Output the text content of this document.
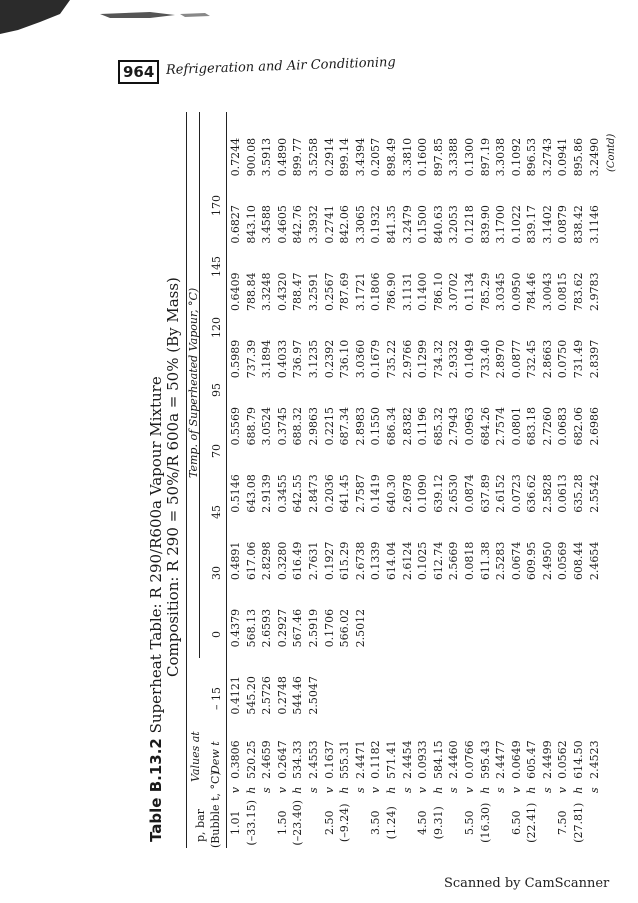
964 Refrigeration and Air Conditioning
Table B.13.2 Superheat Table: R 290/R600a Vapour Mixture Composition: R 290 = 50%/R 600a = 50% (By Mass)
p, bar (Bubble t, °C)
Values at Dew t
Temp. of Superheated Vapour, °C)
– 15
0
30
45
70
95
120
145
170
1.01	v	0.3806	0.4121	0.4379	0.4891	0.5146	0.5569	0.5989	0.6409	0.6827	0.7244
(–33.15)	h	520.25	545.20	568.13	617.06	643.08	688.79	737.39	788.84	843.10	900.08
	s	2.4659	2.5726	2.6593	2.8298	2.9139	3.0524	3.1894	3.3248	3.4588	3.5913
1.50	v	0.2647	0.2748	0.2927	0.3280	0.3455	0.3745	0.4033	0.4320	0.4605	0.4890
(–23.40)	h	534.33	544.46	567.46	616.49	642.55	688.32	736.97	788.47	842.76	899.77
	s	2.4553	2.5047	2.5919	2.7631	2.8473	2.9863	3.1235	3.2591	3.3932	3.5258
2.50	v	0.1637		0.1706	0.1927	0.2036	0.2215	0.2392	0.2567	0.2741	0.2914
(–9.24)	h	555.31		566.02	615.29	641.45	687.34	736.10	787.69	842.06	899.14
	s	2.4471		2.5012	2.6738	2.7587	2.8983	3.0360	3.1721	3.3065	3.4394
3.50	v	0.1182			0.1339	0.1419	0.1550	0.1679	0.1806	0.1932	0.2057
(1.24)	h	571.41			614.04	640.30	686.34	735.22	786.90	841.35	898.49
	s	2.4454			2.6124	2.6978	2.8382	2.9766	3.1131	3.2479	3.3810
4.50	v	0.0933			0.1025	0.1090	0.1196	0.1299	0.1400	0.1500	0.1600
(9.31)	h	584.15			612.74	639.12	685.32	734.32	786.10	840.63	897.85
	s	2.4460			2.5669	2.6530	2.7943	2.9332	3.0702	3.2053	3.3388
5.50	v	0.0766			0.0818	0.0874	0.0963	0.1049	0.1134	0.1218	0.1300
(16.30)	h	595.43			611.38	637.89	684.26	733.40	785.29	839.90	897.19
	s	2.4477			2.5283	2.6152	2.7574	2.8970	3.0345	3.1700	3.3038
6.50	v	0.0649			0.0674	0.0723	0.0801	0.0877	0.0950	0.1022	0.1092
(22.41)	h	605.47			609.95	636.62	683.18	732.45	784.46	839.17	896.53
	s	2.4499			2.4950	2.5828	2.7260	2.8663	3.0043	3.1402	3.2743
7.50	v	0.0562			0.0569	0.0613	0.0683	0.0750	0.0815	0.0879	0.0941
(27.81)	h	614.50			608.44	635.28	682.06	731.49	783.62	838.42	895.86
	s	2.4523			2.4654	2.5542	2.6986	2.8397	2.9783	3.1146	3.2490 (Contd)
Scanned by CamScanner
